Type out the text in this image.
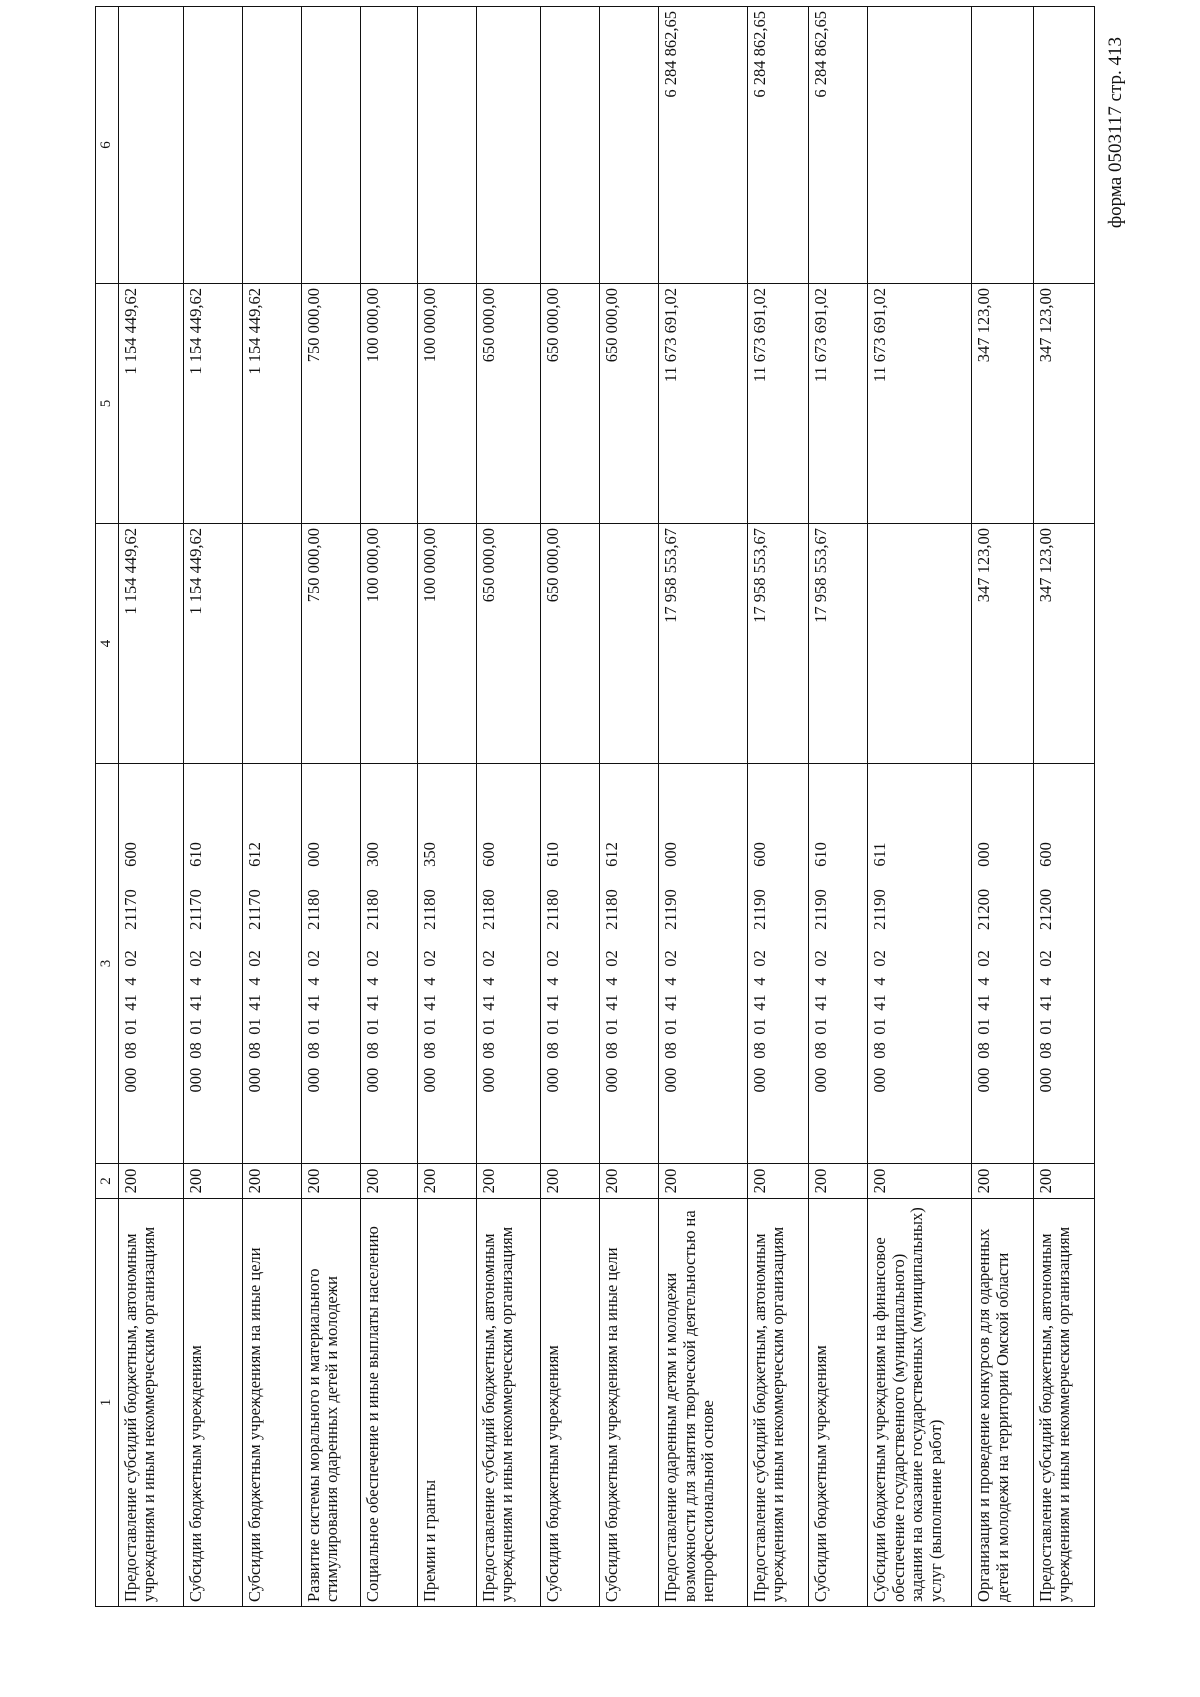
форма 0503117 стр. 413
1	2	3	4	5	6
Предоставление субсидий бюджетным, автономным учреждениям и иным некоммерческим организациям	200	00008014140221170600	1 154 449,62	1 154 449,62	
Субсидии бюджетным учреждениям	200	00008014140221170610	1 154 449,62	1 154 449,62	
Субсидии бюджетным учреждениям на иные цели	200	00008014140221170612		1 154 449,62	
Развитие системы морального и материального стимулирования одаренных детей и молодежи	200	00008014140221180000	750 000,00	750 000,00	
Социальное обеспечение и иные выплаты населению	200	00008014140221180300	100 000,00	100 000,00	
Премии и гранты	200	00008014140221180350	100 000,00	100 000,00	
Предоставление субсидий бюджетным, автономным учреждениям и иным некоммерческим организациям	200	00008014140221180600	650 000,00	650 000,00	
Субсидии бюджетным учреждениям	200	00008014140221180610	650 000,00	650 000,00	
Субсидии бюджетным учреждениям на иные цели	200	00008014140221180612		650 000,00	
Предоставление одаренным детям и молодежи возможности для занятия творческой деятельностью на непрофессиональной основе	200	00008014140221190000	17 958 553,67	11 673 691,02	6 284 862,65
Предоставление субсидий бюджетным, автономным учреждениям и иным некоммерческим организациям	200	00008014140221190600	17 958 553,67	11 673 691,02	6 284 862,65
Субсидии бюджетным учреждениям	200	00008014140221190610	17 958 553,67	11 673 691,02	6 284 862,65
Субсидии бюджетным учреждениям на финансовое обеспечение государственного (муниципального) задания на оказание государственных (муниципальных) услуг (выполнение работ)	200	00008014140221190611		11 673 691,02	
Организация и проведение конкурсов для одаренных детей и молодежи на территории Омской области	200	00008014140221200000	347 123,00	347 123,00	
Предоставление субсидий бюджетным, автономным учреждениям и иным некоммерческим организациям	200	00008014140221200600	347 123,00	347 123,00	
